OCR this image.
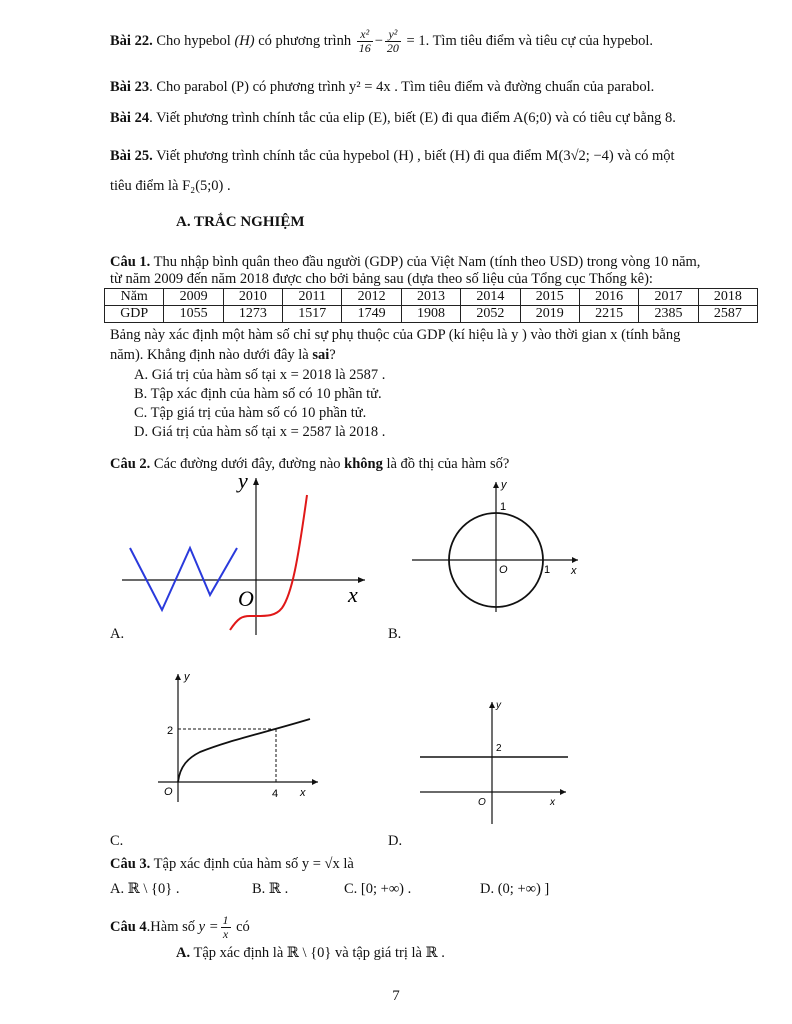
Bài 22. Cho hypebol (H) có phương trình $\frac{\text{x²}}{16} - \frac{\text{y²}}{20} = 1$. Tìm tiêu điểm và tiêu cự của hypebol.
Bài 23. Cho parabol (P) có phương trình y² = 4x . Tìm tiêu điểm và đường chuẩn của parabol.
Bài 24. Viết phương trình chính tắc của elip (E), biết (E) đi qua điểm A(6;0) và có tiêu cự bằng 8.
Bài 25. Viết phương trình chính tắc của hypebol (H) , biết (H) đi qua điểm M(3√2; −4) và có một
tiêu điểm là F₂(5;0) .
A. TRẮC NGHIỆM
Câu 1. Thu nhập bình quân theo đầu người (GDP) của Việt Nam (tính theo USD) trong vòng 10 năm,
từ năm 2009 đến năm 2018 được cho bởi bảng sau (dựa theo số liệu của Tổng cục Thống kê):
Năm	2009	2010	2011	2012	2013	2014	2015	2016	2017	2018
GDP	1055	1273	1517	1749	1908	2052	2019	2215	2385	2587
Bảng này xác định một hàm số chỉ sự phụ thuộc của GDP (kí hiệu là y ) vào thời gian x (tính bằng
năm). Khẳng định nào dưới đây là sai?
A. Giá trị của hàm số tại x = 2018 là 2587 .
B. Tập xác định của hàm số có 10 phần tử.
C. Tập giá trị của hàm số có 10 phần tử.
D. Giá trị của hàm số tại x = 2587 là 2018 .
Câu 2. Các đường dưới đây, đường nào không là đồ thị của hàm số?
O	x
y
A.
1
1
O	x
y
B.
2
4
O	x
y
C.
2
O	x
y
D.
Câu 3. Tập xác định của hàm số y = √x là
A. ℝ \ {0} .	B. ℝ .	C. [0; +∞) .	D. (0; +∞) ]
Câu 4.Hàm số $y = \frac{1}{x}$ có
A. Tập xác định là ℝ \ {0} và tập giá trị là ℝ .
7
